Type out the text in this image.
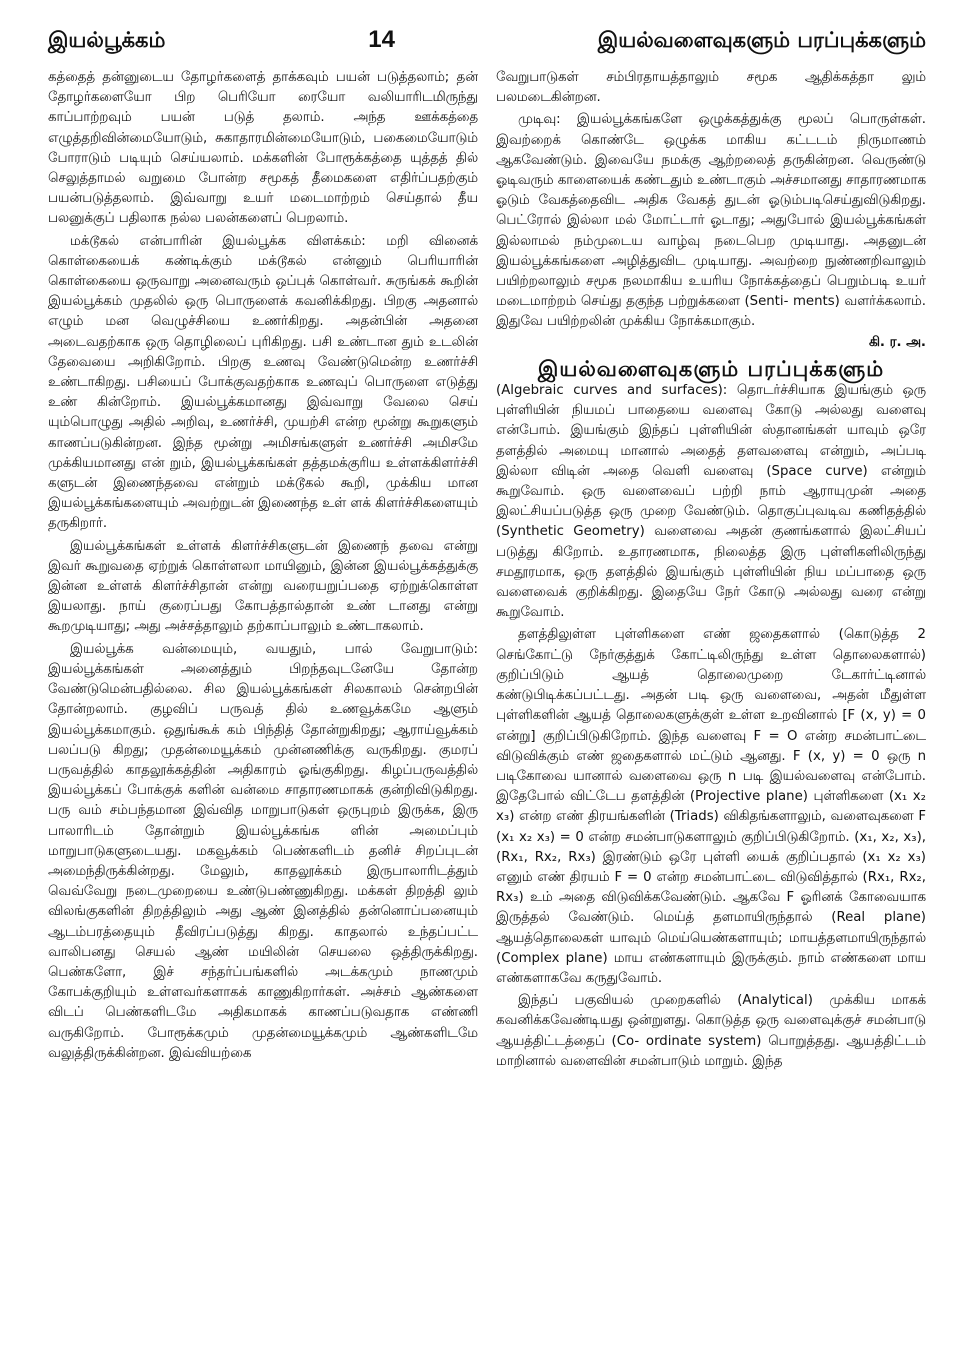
இயல்பூக்கம்	14	இயல்வளைவுகளும் பரப்புக்களும்

கத்தைத் தன்னுடைய தோழர்களைத் தாக்கவும் பயன் படுத்தலாம்; தன் தோழர்களையோ பிற பெரியோ ரையோ வலியாரிடமிருந்து காப்பாற்றவும் பயன் படுத் தலாம். அந்த ஊக்கத்தை எழுத்தறிவின்மையோடும், சுகாதாரமின்மையோடும், பகைமையோடும் போராடும் படியும் செய்யலாம். மக்களின் போரூக்கத்தை யுத்தத் தில் செலுத்தாமல் வறுமை போன்ற சமூகத் தீமைகளை எதிர்ப்பதற்கும் பயன்படுத்தலாம். இவ்வாறு உயர் மடைமாற்றம் செய்தால் தீய பலனுக்குப் பதிலாக நல்ல பலன்களைப் பெறலாம்.

மக்டூகல் என்பாரின் இயல்பூக்க விளக்கம்: மறி வினைக் கொள்கையைக் கண்டிக்கும் மக்டூகல் என்னும் பெரியாரின் கொள்கையை ஒருவாறு அனைவரும் ஒப்புக் கொள்வர். சுருங்கக் கூறின் இயல்பூக்கம் முதலில் ஒரு பொருளைக் கவனிக்கிறது. பிறகு அதனால் எழும் மன வெழுச்சியை உணர்கிறது. அதன்பின் அதனை அடைவதற்காக ஒரு தொழிலைப் புரிகிறது. பசி உண்டான தும் உடலின் தேவையை அறிகிறோம். பிறகு உணவு வேண்டுமென்ற உணர்ச்சி உண்டாகிறது. பசியைப் போக்குவதற்காக உணவுப் பொருளை எடுத்து உண் கின்றோம். இயல்பூக்கமானது இவ்வாறு வேலை செய் யும்பொழுது அதில் அறிவு, உணர்ச்சி, முயற்சி என்ற மூன்று கூறுகளும் காணப்படுகின்றன. இந்த மூன்று அமிசங்களுள் உணர்ச்சி அமிசமே முக்கியமானது என் றும், இயல்பூக்கங்கள் தத்தமக்குரிய உள்ளக்கிளர்ச்சி களுடன் இணைந்தவை என்றும் மக்டூகல் கூறி, முக்கிய மான இயல்பூக்கங்களையும் அவற்றுடன் இணைந்த உள் ளக் கிளர்ச்சிகளையும் தருகிறார்.

இயல்பூக்கங்கள் உள்ளக் கிளர்ச்சிகளுடன் இணைந் தவை என்று இவர் கூறுவதை ஏற்றுக் கொள்ளலா மாயினும், இன்ன இயல்பூக்கத்துக்கு இன்ன உள்ளக் கிளர்ச்சிதான் என்று வரையறுப்பதை ஏற்றுக்கொள்ள இயலாது. நாய் குரைப்பது கோபத்தால்தான் உண் டானது என்று கூறமுடியாது; அது அச்சத்தாலும் தற்காப்பாலும் உண்டாகலாம்.

இயல்பூக்க வன்மையும், வயதும், பால் வேறுபாடும்: இயல்பூக்கங்கள் அனைத்தும் பிறந்தவுடனேயே தோன்ற வேண்டுமென்பதில்லை. சில இயல்பூக்கங்கள் சிலகாலம் சென்றபின் தோன்றலாம். குழவிப் பருவத் தில் உணவூக்கமே ஆளும் இயல்பூக்கமாகும். ஒதுங்கூக் கம் பிந்தித் தோன்றுகிறது; ஆராய்வூக்கம் பலப்படு கிறது; முதன்மையூக்கம் முன்னணிக்கு வருகிறது. குமரப் பருவத்தில் காதலூக்கத்தின் அதிகாரம் ஓங்குகிறது. கிழப்பருவத்தில் இயல்பூக்கப் போக்குக் களின் வன்மை சாதாரணமாகக் குன்றிவிடுகிறது. பரு வம் சம்பந்தமான இவ்வித மாறுபாடுகள் ஒருபுறம் இருக்க, இரு பாலாரிடம் தோன்றும் இயல்பூக்கங்க ளின் அமைப்பும் மாறுபாடுகளுடையது. மகவூக்கம் பெண்களிடம் தனிச் சிறப்புடன் அமைந்திருக்கின்றது. மேலும், காதலூக்கம் இருபாலாரிடத்தும் வெவ்வேறு நடைமுறையை உண்டுபண்ணுகிறது. மக்கள் திறத்தி லும் விலங்குகளின் திறத்திலும் அது ஆண் இனத்தில் தன்னொப்பனையும் ஆடம்பரத்தையும் தீவிரப்படுத்து கிறது. காதலால் உந்தப்பட்ட வாலிபனது செயல் ஆண் மயிலின் செயலை ஒத்திருக்கிறது. பெண்களோ, இச் சந்தர்ப்பங்களில் அடக்கமும் நாணமும் கோபக்குறியும் உள்ளவர்களாகக் காணுகிறார்கள். அச்சம் ஆண்களை விடப் பெண்களிடமே அதிகமாகக் காணப்படுவதாக எண்ணி வருகிறோம். போரூக்கமும் முதன்மையூக்கமும் ஆண்களிடமே வலுத்திருக்கின்றன. இவ்வியற்கை

வேறுபாடுகள் சம்பிரதாயத்தாலும் சமூக ஆதிக்கத்தா லும் பலமடைகின்றன.

முடிவு: இயல்பூக்கங்களே ஒழுக்கத்துக்கு மூலப் பொருள்கள். இவற்றைக் கொண்டே ஒழுக்க மாகிய கட்டடம் நிருமாணம் ஆகவேண்டும். இவையே நமக்கு ஆற்றலைத் தருகின்றன. வெருண்டு ஓடிவரும் காளையைக் கண்டதும் உண்டாகும் அச்சமானது சாதாரணமாக ஓடும் வேகத்தைவிட அதிக வேகத் துடன் ஓடும்படிசெய்துவிடுகிறது. பெட்ரோல் இல்லா மல் மோட்டார் ஓடாது; அதுபோல் இயல்பூக்கங்கள் இல்லாமல் நம்முடைய வாழ்வு நடைபெற முடியாது. அதனுடன் இயல்பூக்கங்களை அழித்துவிட முடியாது. அவற்றை நுண்ணறிவாலும் பயிற்றலாலும் சமூக நலமாகிய உயரிய நோக்கத்தைப் பெறும்படி உயர் மடைமாற்றம் செய்து தகுந்த பற்றுக்களை (Senti- ments) வளர்க்கலாம். இதுவே பயிற்றலின் முக்கிய நோக்கமாகும்.

கி. ர. அ.
இயல்வளைவுகளும் பரப்புக்களும்

(Algebraic curves and surfaces): தொடர்ச்சியாக இயங்கும் ஒரு புள்ளியின் நியமப் பாதையை வளைவு கோடு அல்லது வளைவு என்போம். இயங்கும் இந்தப் புள்ளியின் ஸ்தானங்கள் யாவும் ஒரே தளத்தில் அமையு மானால் அதைத் தளவளைவு என்றும், அப்படி இல்லா விடின் அதை வெளி வளைவு (Space curve) என்றும் கூறுவோம். ஒரு வளைவைப் பற்றி நாம் ஆராயுமுன் அதை இலட்சியப்படுத்த ஒரு முறை வேண்டும். தொகுப்புவடிவ கணிதத்தில் (Synthetic Geometry) வளைவை அதன் குணங்களால் இலட்சியப் படுத்து கிறோம். உதாரணமாக, நிலைத்த இரு புள்ளிகளிலிருந்து சமதூரமாக, ஒரு தளத்தில் இயங்கும் புள்ளியின் நிய மப்பாதை ஒரு வளைவைக் குறிக்கிறது. இதையே நேர் கோடு அல்லது வரை என்று கூறுவோம்.

தளத்திலுள்ள புள்ளிகளை எண் ஜதைகளால் (கொடுத்த 2 செங்கோட்டு நேர்குத்துக் கோட்டிலிருந்து உள்ள தொலைகளால்) குறிப்பிடும் ஆயத் தொலைமுறை டேகார்ட்டினால் கண்டுபிடிக்கப்பட்டது. அதன் படி ஒரு வளைவை, அதன் மீதுள்ள புள்ளிகளின் ஆயத் தொலைகளுக்குள் உள்ள உறவினால் [F (x, y) = 0 என்று] குறிப்பிடுகிறோம். இந்த வளைவு F = O என்ற சமன்பாட்டை விடுவிக்கும் எண் ஜதைகளால் மட்டும் ஆனது. F (x, y) = 0 ஒரு n படிகோவை யானால் வளைவை ஒரு n படி இயல்வளைவு என்போம். இதேபோல் விட்டேப தளத்தின் (Projective plane) புள்ளிகளை (x₁ x₂ x₃) என்ற எண் திரயங்களின் (Triads) விகிதங்களாலும், வளைவுகளை F (x₁ x₂ x₃) = 0 என்ற சமன்பாடுகளாலும் குறிப்பிடுகிறோம். (x₁, x₂, x₃), (Rx₁, Rx₂, Rx₃) இரண்டும் ஒரே புள்ளி யைக் குறிப்பதால் (x₁ x₂ x₃) எனும் எண் திரயம் F = 0 என்ற சமன்பாட்டை விடுவித்தால் (Rx₁, Rx₂, Rx₃) உம் அதை விடுவிக்கவேண்டும். ஆகவே F ஓரினக் கோவையாக இருத்தல் வேண்டும். மெய்த் தளமாயிருந்தால் (Real plane) ஆயத்தொலைகள் யாவும் மெய்யெண்களாயும்; மாயத்தளமாயிருந்தால் (Complex plane) மாய எண்களாயும் இருக்கும். நாம் எண்களை மாய எண்களாகவே கருதுவோம்.

இந்தப் பகுவியல் முறைகளில் (Analytical) முக்கிய மாகக் கவனிக்கவேண்டியது ஒன்றுளது. கொடுத்த ஒரு வளைவுக்குச் சமன்பாடு ஆயத்திட்டத்தைப் (Co- ordinate system) பொறுத்தது. ஆயத்திட்டம் மாறினால் வளைவின் சமன்பாடும் மாறும். இந்த
